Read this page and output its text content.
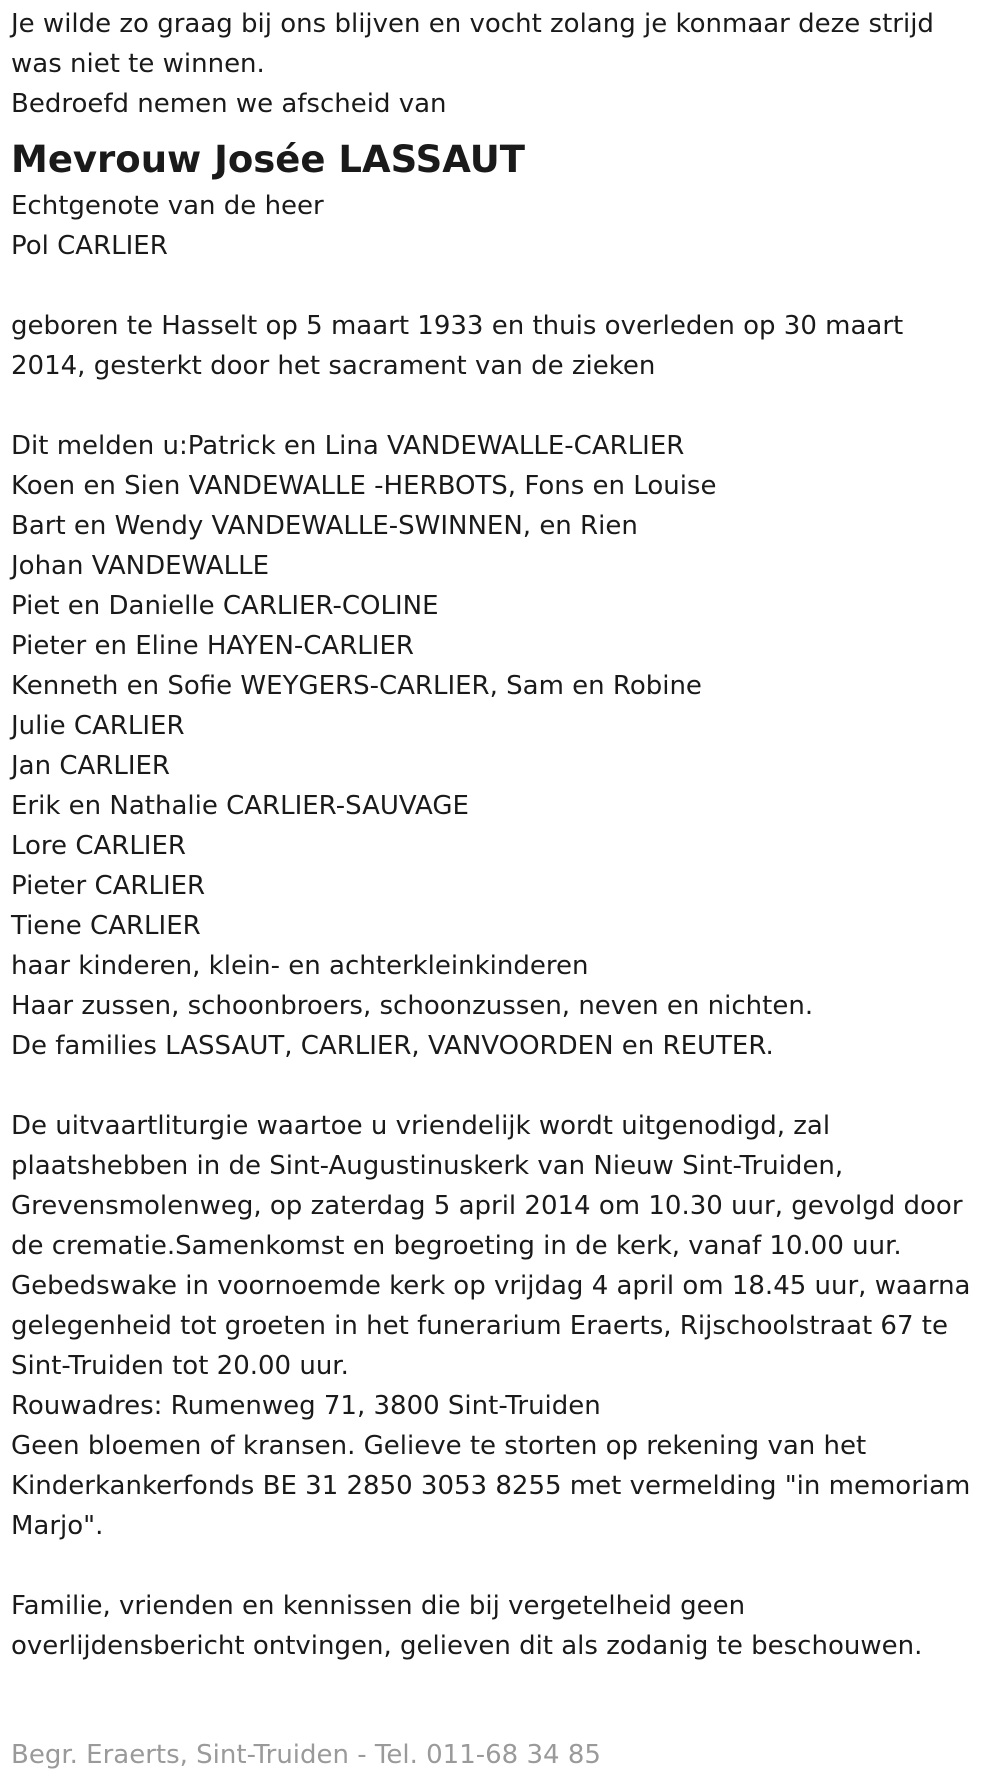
Je wilde zo graag bij ons blijven en vocht zolang je konmaar deze strijd
was niet te winnen.
Bedroefd nemen we afscheid van
Mevrouw Josée LASSAUT
Echtgenote van de heer
Pol CARLIER
geboren te Hasselt op 5 maart 1933 en thuis overleden op 30 maart
2014, gesterkt door het sacrament van de zieken
Dit melden u:Patrick en Lina VANDEWALLE-CARLIER
Koen en Sien VANDEWALLE -HERBOTS, Fons en Louise
Bart en Wendy VANDEWALLE-SWINNEN, en Rien
Johan VANDEWALLE
Piet en Danielle CARLIER-COLINE
Pieter en Eline HAYEN-CARLIER
Kenneth en Sofie WEYGERS-CARLIER, Sam en Robine
Julie CARLIER
Jan CARLIER
Erik en Nathalie CARLIER-SAUVAGE
Lore CARLIER
Pieter CARLIER
Tiene CARLIER
haar kinderen, klein- en achterkleinkinderen
Haar zussen, schoonbroers, schoonzussen, neven en nichten.
De families LASSAUT, CARLIER, VANVOORDEN en REUTER.
De uitvaartliturgie waartoe u vriendelijk wordt uitgenodigd, zal
plaatshebben in de Sint-Augustinuskerk van Nieuw Sint-Truiden,
Grevensmolenweg, op zaterdag 5 april 2014 om 10.30 uur, gevolgd door
de crematie.Samenkomst en begroeting in de kerk, vanaf 10.00 uur.
Gebedswake in voornoemde kerk op vrijdag 4 april om 18.45 uur, waarna
gelegenheid tot groeten in het funerarium Eraerts, Rijschoolstraat 67 te
Sint-Truiden tot 20.00 uur.
Rouwadres: Rumenweg 71, 3800 Sint-Truiden
Geen bloemen of kransen. Gelieve te storten op rekening van het
Kinderkankerfonds BE 31 2850 3053 8255 met vermelding "in memoriam
Marjo".
Familie, vrienden en kennissen die bij vergetelheid geen
overlijdensbericht ontvingen, gelieven dit als zodanig te beschouwen.
Begr. Eraerts, Sint-Truiden - Tel. 011-68 34 85
